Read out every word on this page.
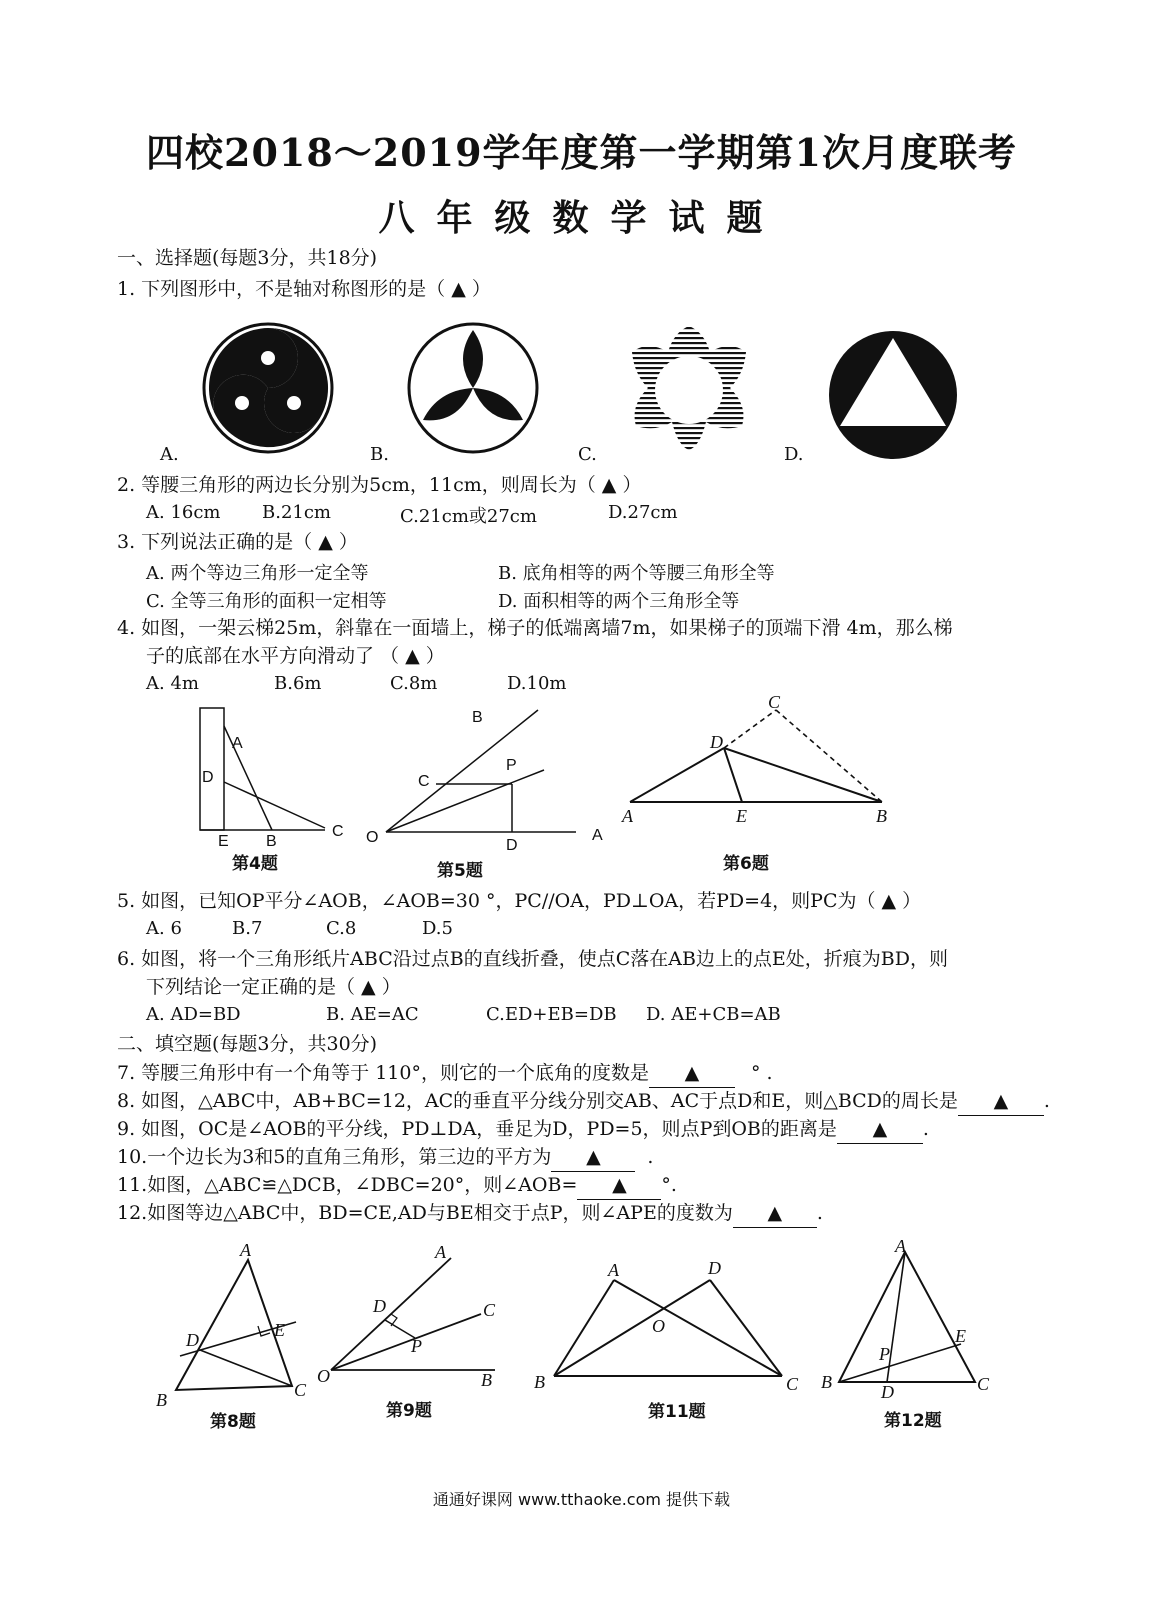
四校2018～2019学年度第一学期第1次月度联考
八年级数学试题
一、选择题(每题3分，共18分)
1. 下列图形中，不是轴对称图形的是（ ▲ ）
A.	B.	C.	D.
2. 等腰三角形的两边长分别为5cm，11cm，则周长为（ ▲ ）
A. 16cm B.21cm	C.21cm或27cm	D.27cm
3. 下列说法正确的是（ ▲ ）
A. 两个等边三角形一定全等	B. 底角相等的两个等腰三角形全等
C. 全等三角形的面积一定相等	D. 面积相等的两个三角形全等
4. 如图，一架云梯25m，斜靠在一面墙上，梯子的低端离墙7m，如果梯子的顶端下滑 4m，那么梯
子的底部在水平方向滑动了 （ ▲ ）
A. 4m	B.6m	C.8m	D.10m
A
D
E B
C
第4题
B
C
P
O	D
A
第5题
C
D
A	E	B
第6题
5. 如图，已知OP平分∠AOB，∠AOB=30 °，PC//OA，PD⊥OA，若PD=4，则PC为（ ▲ ）
A. 6	B.7	C.8	D.5
6. 如图，将一个三角形纸片ABC沿过点B的直线折叠，使点C落在AB边上的点E处，折痕为BD，则
下列结论一定正确的是（ ▲ ）
A. AD=BD	B. AE=AC	C.ED+EB=DB D. AE+CB=AB
二、填空题(每题3分，共30分)
7. 等腰三角形中有一个角等于 110°，则它的一个底角的度数是 ▲	° .
8. 如图，△ABC中，AB+BC=12，AC的垂直平分线分别交AB、AC于点D和E，则△BCD的周长是 ▲ .
9. 如图，OC是∠AOB的平分线，PD⊥DA，垂足为D，PD=5，则点P到OB的距离是 ▲ .
10.一个边长为3和5的直角三角形，第三边的平方为 ▲ .
11.如图，△ABC≌△DCB，∠DBC=20°，则∠AOB= ▲ °.
12.如图等边△ABC中，BD=CE,AD与BE相交于点P，则∠APE的度数为 ▲ .
A
E
D
B	C
第8题
A
D	C
P
O	B
第9题
A	D
O
B	C
第11题
A
E
P
B	D	C
第12题
通通好课网 www.tthaoke.com 提供下载
